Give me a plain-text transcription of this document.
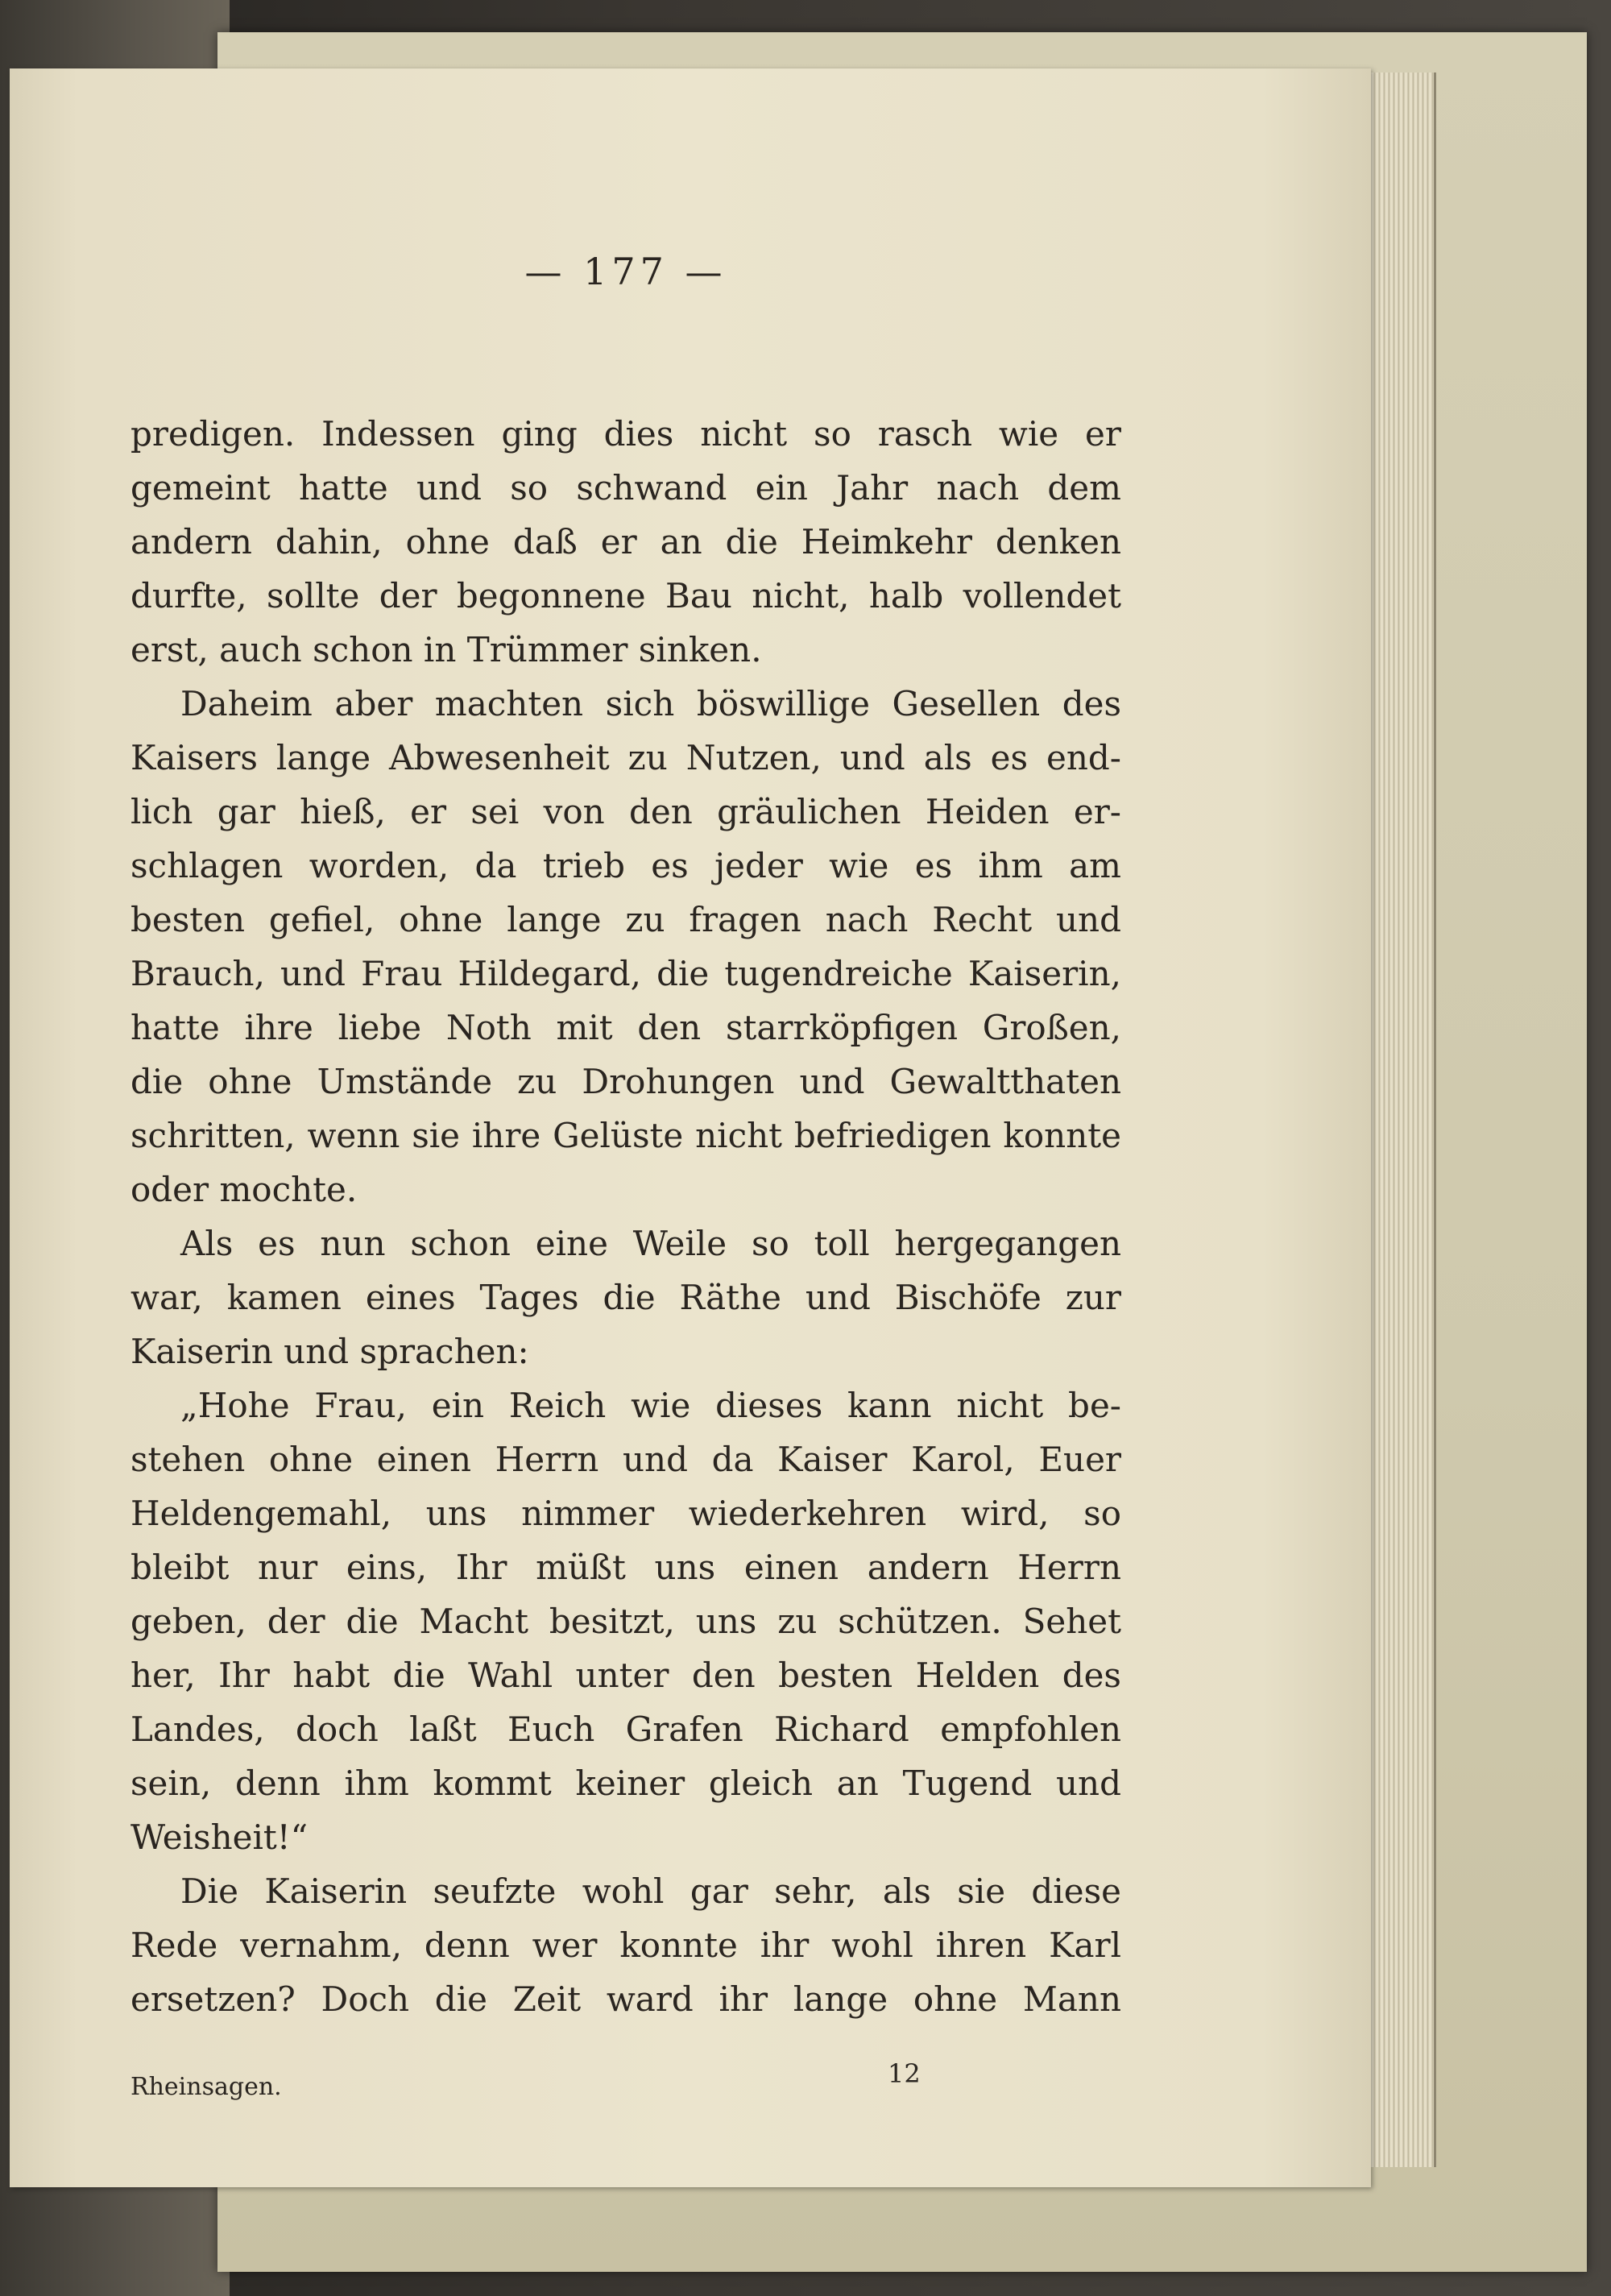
— 177 —
predigen. Indessen ging dies nicht so rasch wie er
gemeint hatte und so schwand ein Jahr nach dem
andern dahin, ohne daß er an die Heimkehr denken
durfte, sollte der begonnene Bau nicht, halb vollendet
erst, auch schon in Trümmer sinken.
Daheim aber machten sich böswillige Gesellen des
Kaisers lange Abwesenheit zu Nutzen, und als es end-
lich gar hieß, er sei von den gräulichen Heiden er-
schlagen worden, da trieb es jeder wie es ihm am
besten gefiel, ohne lange zu fragen nach Recht und
Brauch, und Frau Hildegard, die tugendreiche Kaiserin,
hatte ihre liebe Noth mit den starrköpfigen Großen,
die ohne Umstände zu Drohungen und Gewaltthaten
schritten, wenn sie ihre Gelüste nicht befriedigen konnte
oder mochte.
Als es nun schon eine Weile so toll hergegangen
war, kamen eines Tages die Räthe und Bischöfe zur
Kaiserin und sprachen:
„Hohe Frau, ein Reich wie dieses kann nicht be-
stehen ohne einen Herrn und da Kaiser Karol, Euer
Heldengemahl, uns nimmer wiederkehren wird, so
bleibt nur eins, Ihr müßt uns einen andern Herrn
geben, der die Macht besitzt, uns zu schützen. Sehet
her, Ihr habt die Wahl unter den besten Helden des
Landes, doch laßt Euch Grafen Richard empfohlen
sein, denn ihm kommt keiner gleich an Tugend und
Weisheit!“
Die Kaiserin seufzte wohl gar sehr, als sie diese
Rede vernahm, denn wer konnte ihr wohl ihren Karl
ersetzen? Doch die Zeit ward ihr lange ohne Mann
Rheinsagen.	12
